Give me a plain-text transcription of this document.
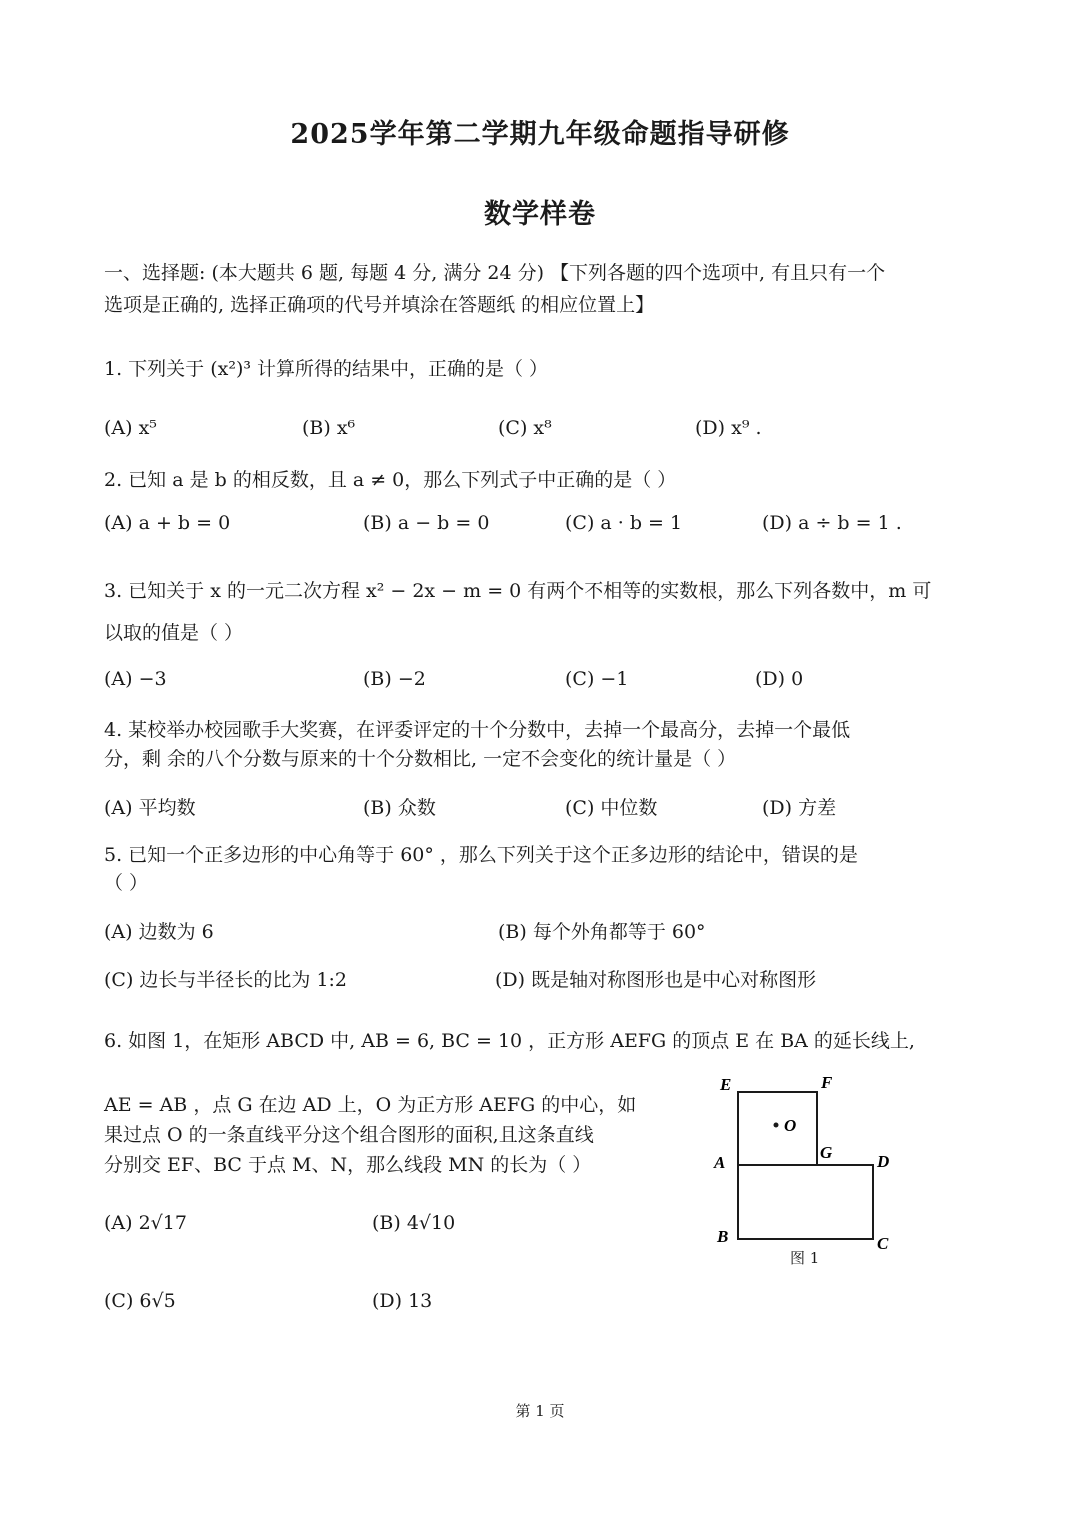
2025学年第二学期九年级命题指导研修
数学样卷
一、选择题: (本大题共 6 题, 每题 4 分, 满分 24 分) 【下列各题的四个选项中, 有且只有一个
选项是正确的, 选择正确项的代号并填涂在答题纸 的相应位置上】
1. 下列关于 (x²)³ 计算所得的结果中，正确的是（ ）
(A) x⁵	(B) x⁶	(C) x⁸	(D) x⁹ .
2. 已知 a 是 b 的相反数，且 a ≠ 0，那么下列式子中正确的是（ ）
(A) a + b = 0	(B) a − b = 0	(C) a · b = 1	(D) a ÷ b = 1 .
3. 已知关于 x 的一元二次方程 x² − 2x − m = 0 有两个不相等的实数根，那么下列各数中，m 可
以取的值是（ ）
(A) −3	(B) −2	(C) −1	(D) 0
4. 某校举办校园歌手大奖赛，在评委评定的十个分数中，去掉一个最高分，去掉一个最低
分，剩 余的八个分数与原来的十个分数相比, 一定不会变化的统计量是（ ）
(A) 平均数	(B) 众数	(C) 中位数	(D) 方差
5. 已知一个正多边形的中心角等于 60° ，那么下列关于这个正多边形的结论中，错误的是
（ ）
(A) 边数为 6	(B) 每个外角都等于 60°
(C) 边长与半径长的比为 1:2	(D) 既是轴对称图形也是中心对称图形
6. 如图 1，在矩形 ABCD 中, AB = 6, BC = 10 ，正方形 AEFG 的顶点 E 在 BA 的延长线上,
AE = AB ，点 G 在边 AD 上，O 为正方形 AEFG 的中心，如
果过点 O 的一条直线平分这个组合图形的面积,且这条直线
分别交 EF、BC 于点 M、N，那么线段 MN 的长为（ ）
(A) 2√17	(B) 4√10
(C) 6√5	(D) 13
E	F
O
A
G	D
B	C
图 1
第 1 页
